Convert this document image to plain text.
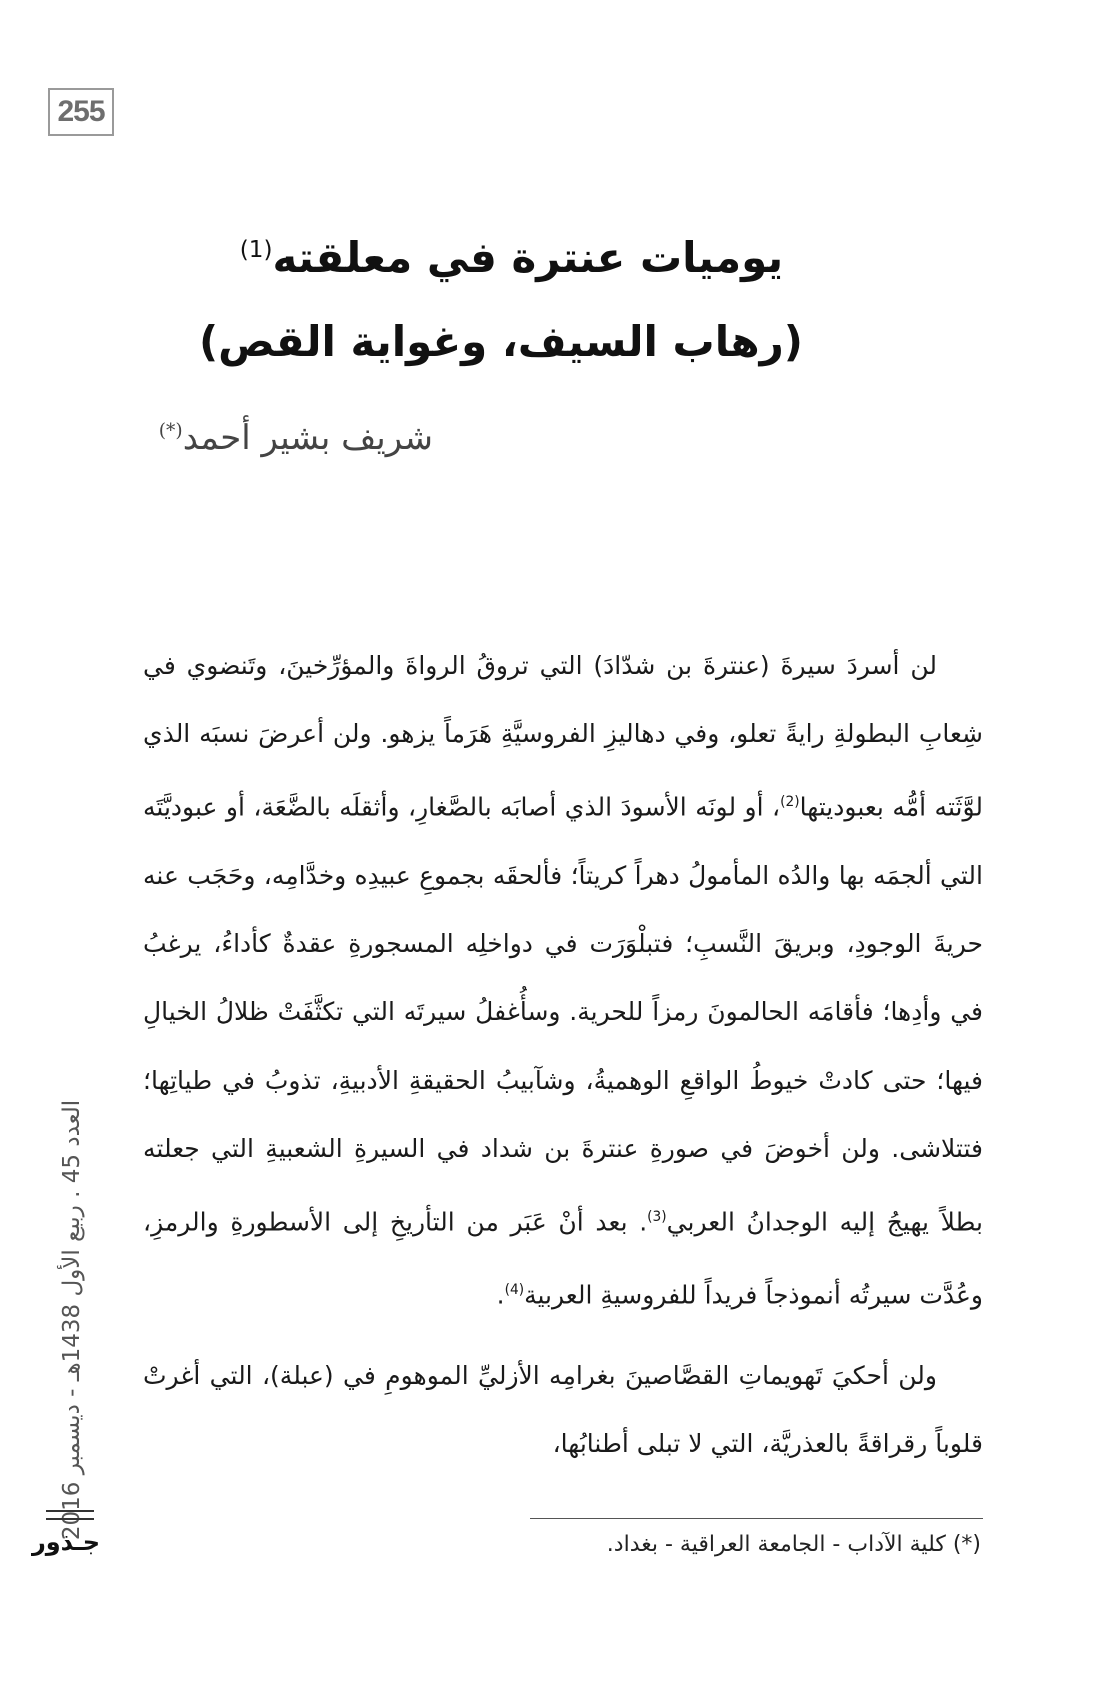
255
يوميات عنترة في معلقته$^{(1)}$
(رهاب السيف، وغواية القص)
شريف بشير أحمد(*)

لن أسردَ سيرةَ (عنترةَ بن شدّادَ) التي تروقُ الرواةَ والمؤرِّخينَ، وتَنضوي في شِعابِ البطولةِ رايةً تعلو، وفي دهاليزِ الفروسيَّةِ هَرَماً يزهو. ولن أعرضَ نسبَه الذي لوَّثَته أمُّه بعبوديتها$^{(2)}$، أو لونَه الأسودَ الذي أصابَه بالصَّغارِ، وأثقلَه بالضَّعَة، أو عبوديَّتَه التي ألجمَه بها والدُه المأمولُ دهراً كريتاً؛ فألحقَه بجموعِ عبيدِه وخدَّامِه، وحَجَب عنه حريةَ الوجودِ، وبريقَ النَّسبِ؛ فتبلْوَرَت في دواخلِه المسجورةِ عقدةٌ كأداءُ، يرغبُ في وأدِها؛ فأقامَه الحالمونَ رمزاً للحرية. وسأُغفلُ سيرتَه التي تكثَّفَتْ ظلالُ الخيالِ فيها؛ حتى كادتْ خيوطُ الواقعِ الوهميةُ، وشآبيبُ الحقيقةِ الأدبيةِ، تذوبُ في طياتِها؛ فتتلاشى. ولن أخوضَ في صورةِ عنترةَ بن شداد في السيرةِ الشعبيةِ التي جعلته بطلاً يهيجُ إليه الوجدانُ العربي$^{(3)}$. بعد أنْ عَبَر من التأريخِ إلى الأسطورةِ والرمزِ، وعُدَّت سيرتُه أنموذجاً فريداً للفروسيةِ العربية$^{(4)}$.

ولن أحكيَ تَهويماتِ القصَّاصينَ بغرامِه الأزليِّ الموهومِ في (عبلة)، التي أغرتْ قلوباً رقراقةً بالعذريَّة، التي لا تبلى أطنابُها،

(*) كلية الآداب - الجامعة العراقية - بغداد.
العدد 45 . ربيع الأول 1438هـ - ديسمبر 2016
جـذور
